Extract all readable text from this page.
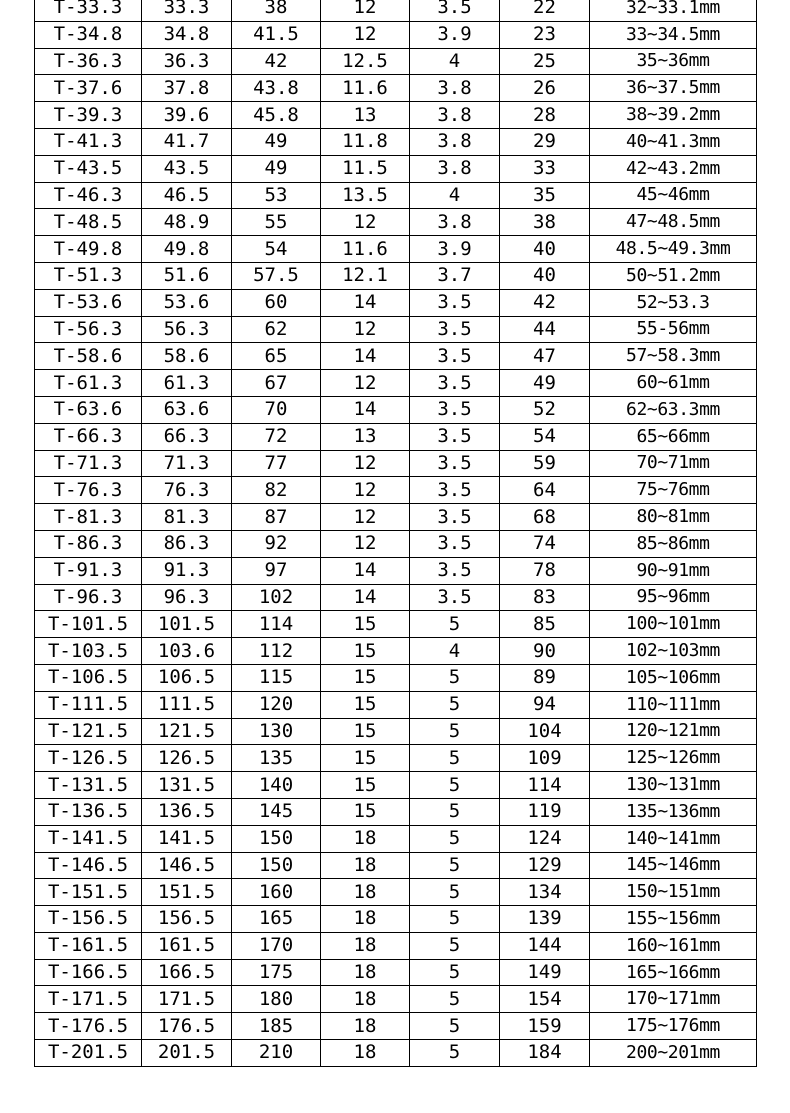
T-33.3	33.3	38	12	3.5	22	32~33.1mm
T-34.8	34.8	41.5	12	3.9	23	33~34.5mm
T-36.3	36.3	42	12.5	4	25	35~36mm
T-37.6	37.8	43.8	11.6	3.8	26	36~37.5mm
T-39.3	39.6	45.8	13	3.8	28	38~39.2mm
T-41.3	41.7	49	11.8	3.8	29	40~41.3mm
T-43.5	43.5	49	11.5	3.8	33	42~43.2mm
T-46.3	46.5	53	13.5	4	35	45~46mm
T-48.5	48.9	55	12	3.8	38	47~48.5mm
T-49.8	49.8	54	11.6	3.9	40	48.5~49.3mm
T-51.3	51.6	57.5	12.1	3.7	40	50~51.2mm
T-53.6	53.6	60	14	3.5	42	52~53.3
T-56.3	56.3	62	12	3.5	44	55-56mm
T-58.6	58.6	65	14	3.5	47	57~58.3mm
T-61.3	61.3	67	12	3.5	49	60~61mm
T-63.6	63.6	70	14	3.5	52	62~63.3mm
T-66.3	66.3	72	13	3.5	54	65~66mm
T-71.3	71.3	77	12	3.5	59	70~71mm
T-76.3	76.3	82	12	3.5	64	75~76mm
T-81.3	81.3	87	12	3.5	68	80~81mm
T-86.3	86.3	92	12	3.5	74	85~86mm
T-91.3	91.3	97	14	3.5	78	90~91mm
T-96.3	96.3	102	14	3.5	83	95~96mm
T-101.5	101.5	114	15	5	85	100~101mm
T-103.5	103.6	112	15	4	90	102~103mm
T-106.5	106.5	115	15	5	89	105~106mm
T-111.5	111.5	120	15	5	94	110~111mm
T-121.5	121.5	130	15	5	104	120~121mm
T-126.5	126.5	135	15	5	109	125~126mm
T-131.5	131.5	140	15	5	114	130~131mm
T-136.5	136.5	145	15	5	119	135~136mm
T-141.5	141.5	150	18	5	124	140~141mm
T-146.5	146.5	150	18	5	129	145~146mm
T-151.5	151.5	160	18	5	134	150~151mm
T-156.5	156.5	165	18	5	139	155~156mm
T-161.5	161.5	170	18	5	144	160~161mm
T-166.5	166.5	175	18	5	149	165~166mm
T-171.5	171.5	180	18	5	154	170~171mm
T-176.5	176.5	185	18	5	159	175~176mm
T-201.5	201.5	210	18	5	184	200~201mm
